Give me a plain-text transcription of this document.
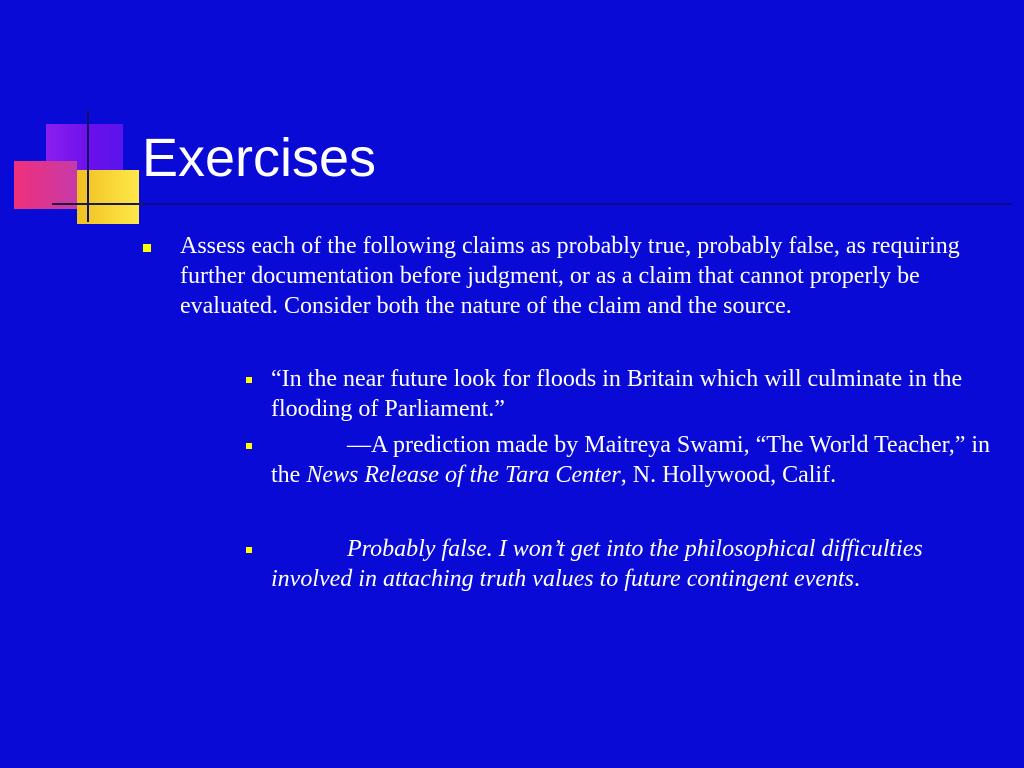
Exercises
Assess each of the following claims as probably true, probably false, as requiring further documentation before judgment, or as a claim that cannot properly be evaluated. Consider both the nature of the claim and the source.
“In the near future look for floods in Britain which will culminate in the flooding of Parliament.”
—A prediction made by Maitreya Swami, “The World Teacher,” in the News Release of the Tara Center, N. Hollywood, Calif.
Probably false. I won’t get into the philosophical difficulties involved in attaching truth values to future contingent events.
